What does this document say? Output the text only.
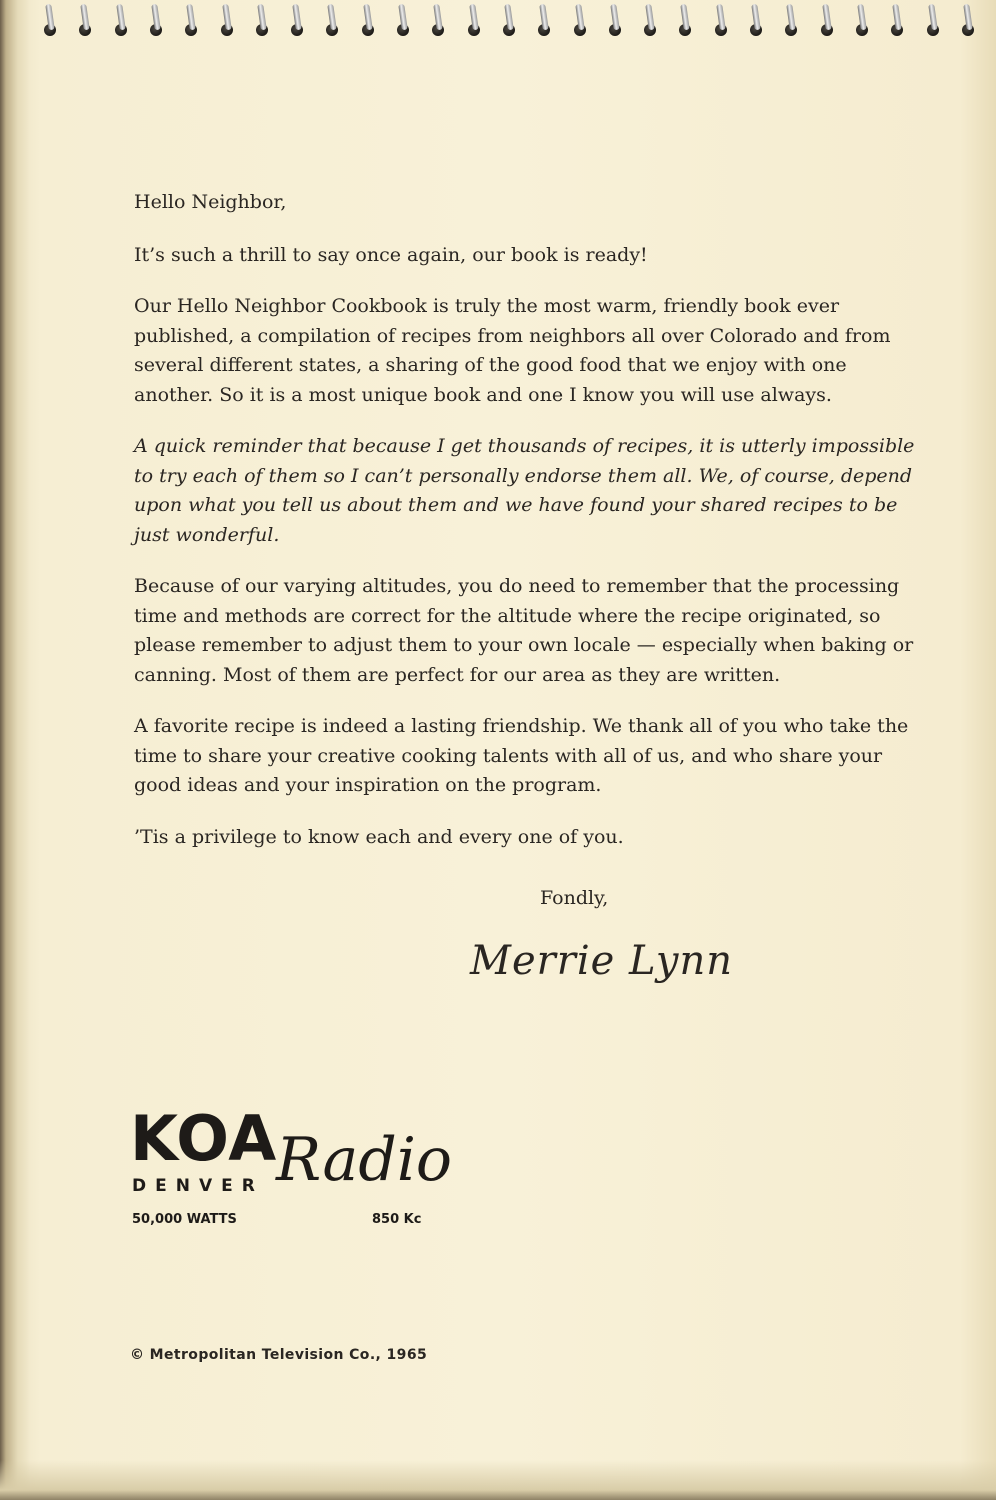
Hello Neighbor,

It’s such a thrill to say once again, our book is ready!

Our Hello Neighbor Cookbook is truly the most warm, friendly book ever published, a compilation of recipes from neighbors all over Colorado and from several different states, a sharing of the good food that we enjoy with one another. So it is a most unique book and one I know you will use always.

A quick reminder that because I get thousands of recipes, it is utterly impossible to try each of them so I can’t personally endorse them all. We, of course, depend upon what you tell us about them and we have found your shared recipes to be just wonderful.

Because of our varying altitudes, you do need to remember that the processing time and methods are correct for the altitude where the recipe originated, so please remember to adjust them to your own locale — especially when baking or canning. Most of them are perfect for our area as they are written.

A favorite recipe is indeed a lasting friendship. We thank all of you who take the time to share your creative cooking talents with all of us, and who share your good ideas and your inspiration on the program.

’Tis a privilege to know each and every one of you.

Fondly,

Merrie Lynn
KOA
DENVER Radio
50,000 WATTS	850 Kc
© Metropolitan Television Co., 1965
